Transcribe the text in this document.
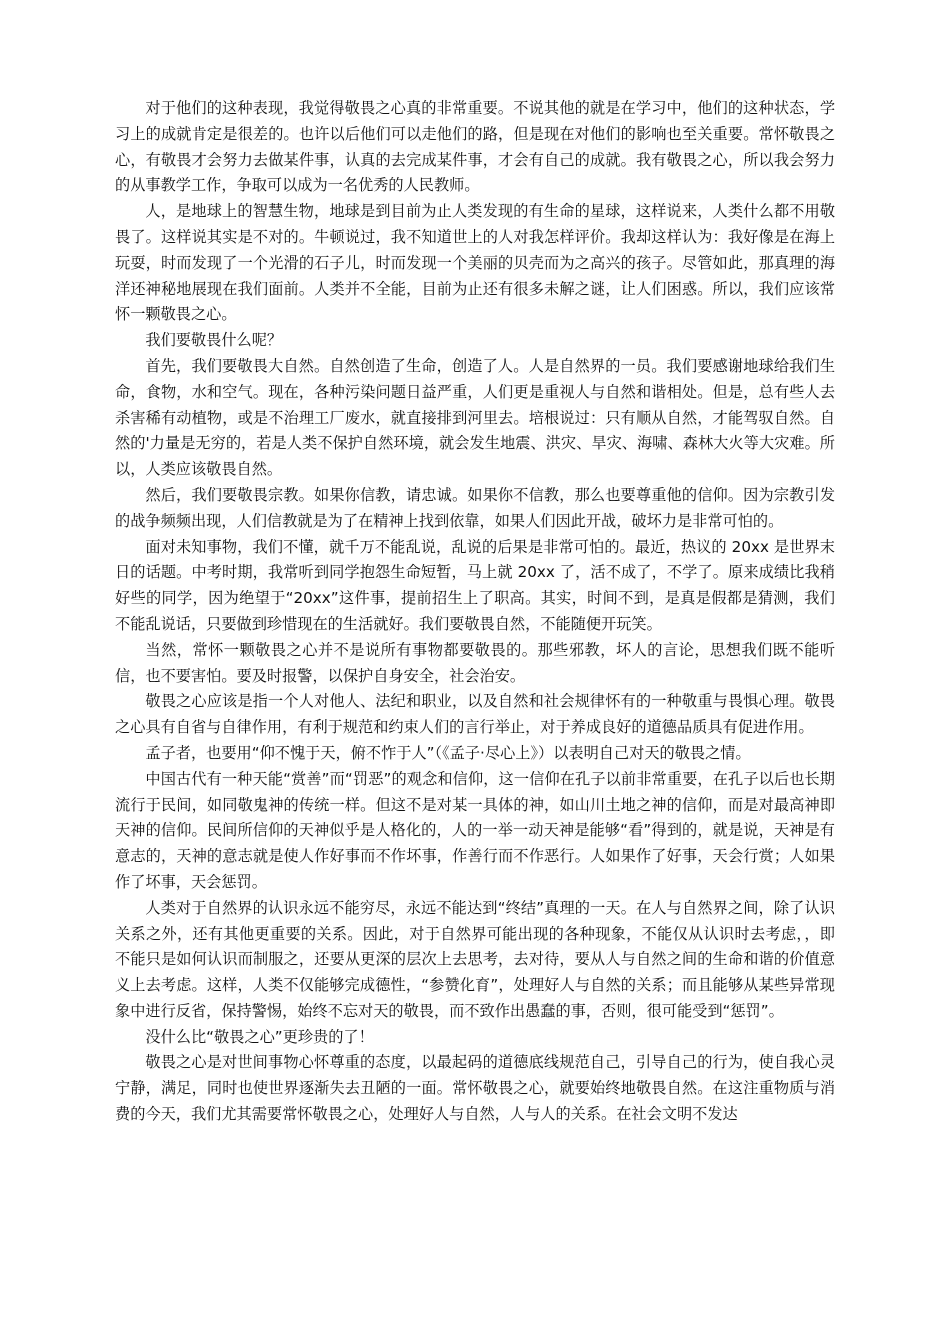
对于他们的这种表现，我觉得敬畏之心真的非常重要。不说其他的就是在学习中，他们的这种状态，学习上的成就肯定是很差的。也许以后他们可以走他们的路，但是现在对他们的影响也至关重要。常怀敬畏之心，有敬畏才会努力去做某件事，认真的去完成某件事，才会有自己的成就。我有敬畏之心，所以我会努力的从事教学工作，争取可以成为一名优秀的人民教师。

人，是地球上的智慧生物，地球是到目前为止人类发现的有生命的星球，这样说来，人类什么都不用敬畏了。这样说其实是不对的。牛顿说过，我不知道世上的人对我怎样评价。我却这样认为：我好像是在海上玩耍，时而发现了一个光滑的石子儿，时而发现一个美丽的贝壳而为之高兴的孩子。尽管如此，那真理的海洋还神秘地展现在我们面前。人类并不全能，目前为止还有很多未解之谜，让人们困惑。所以，我们应该常怀一颗敬畏之心。

我们要敬畏什么呢？

首先，我们要敬畏大自然。自然创造了生命，创造了人。人是自然界的一员。我们要感谢地球给我们生命，食物，水和空气。现在，各种污染问题日益严重，人们更是重视人与自然和谐相处。但是，总有些人去杀害稀有动植物，或是不治理工厂废水，就直接排到河里去。培根说过：只有顺从自然，才能驾驭自然。自然的'力量是无穷的，若是人类不保护自然环境，就会发生地震、洪灾、旱灾、海啸、森林大火等大灾难。所以，人类应该敬畏自然。

然后，我们要敬畏宗教。如果你信教，请忠诚。如果你不信教，那么也要尊重他的信仰。因为宗教引发的战争频频出现，人们信教就是为了在精神上找到依靠，如果人们因此开战，破坏力是非常可怕的。

面对未知事物，我们不懂，就千万不能乱说，乱说的后果是非常可怕的。最近，热议的 20xx 是世界末日的话题。中考时期，我常听到同学抱怨生命短暂，马上就 20xx 了，活不成了，不学了。原来成绩比我稍好些的同学，因为绝望于“20xx”这件事，提前招生上了职高。其实，时间不到，是真是假都是猜测，我们不能乱说话，只要做到珍惜现在的生活就好。我们要敬畏自然，不能随便开玩笑。

当然，常怀一颗敬畏之心并不是说所有事物都要敬畏的。那些邪教，坏人的言论，思想我们既不能听信，也不要害怕。要及时报警，以保护自身安全，社会治安。

敬畏之心应该是指一个人对他人、法纪和职业，以及自然和社会规律怀有的一种敬重与畏惧心理。敬畏之心具有自省与自律作用，有利于规范和约束人们的言行举止，对于养成良好的道德品质具有促进作用。

孟子者，也要用“仰不愧于天，俯不怍于人”（《孟子·尽心上》）以表明自己对天的敬畏之情。

中国古代有一种天能“赏善”而“罚恶”的观念和信仰，这一信仰在孔子以前非常重要，在孔子以后也长期流行于民间，如同敬鬼神的传统一样。但这不是对某一具体的神，如山川土地之神的信仰，而是对最高神即天神的信仰。民间所信仰的天神似乎是人格化的，人的一举一动天神是能够“看”得到的，就是说，天神是有意志的，天神的意志就是使人作好事而不作坏事，作善行而不作恶行。人如果作了好事，天会行赏；人如果作了坏事，天会惩罚。

人类对于自然界的认识永远不能穷尽，永远不能达到“终结”真理的一天。在人与自然界之间，除了认识关系之外，还有其他更重要的关系。因此，对于自然界可能出现的各种现象，不能仅从认识时去考虑，，即不能只是如何认识而制服之，还要从更深的层次上去思考，去对待，要从人与自然之间的生命和谐的价值意义上去考虑。这样，人类不仅能够完成德性，“参赞化育”，处理好人与自然的关系；而且能够从某些异常现象中进行反省，保持警惕，始终不忘对天的敬畏，而不致作出愚蠢的事，否则，很可能受到“惩罚”。

没什么比“敬畏之心”更珍贵的了！

敬畏之心是对世间事物心怀尊重的态度，以最起码的道德底线规范自己，引导自己的行为，使自我心灵宁静，满足，同时也使世界逐渐失去丑陋的一面。常怀敬畏之心，就要始终地敬畏自然。在这注重物质与消费的今天，我们尤其需要常怀敬畏之心，处理好人与自然，人与人的关系。在社会文明不发达
